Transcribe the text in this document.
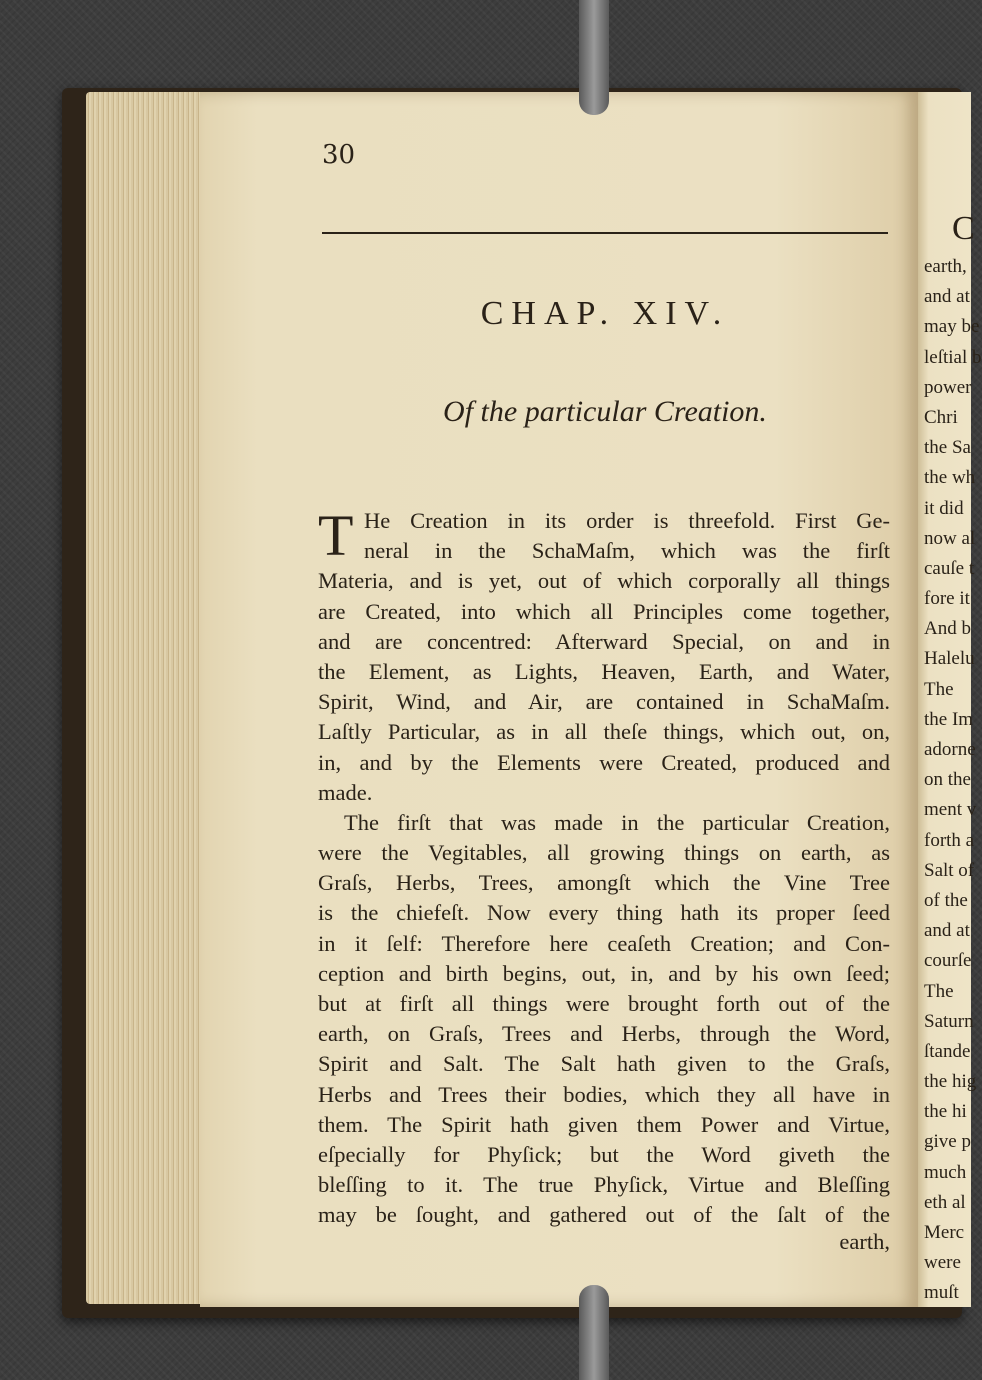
C
earth,
and at
may be
leſtial b
power
Chri
the Sa
the wh
it did
now al
cauſe t
fore it
And b
Halelu
The
the Im
adorne
on the
ment v
forth a
Salt of
of the
and at
courſe
The
Saturn
ſtande
the hig
the hi
give p
much
eth al
Merc
were
muſt
30
CHAP. XIV.
Of the particular Creation.
T He Creation in its order is threefold. First Ge-
neral in the SchaMaſm, which was the firſt
Materia, and is yet, out of which corporally all things
are Created, into which all Principles come together,
and are concentred: Afterward Special, on and in
the Element, as Lights, Heaven, Earth, and Water,
Spirit, Wind, and Air, are contained in SchaMaſm.
Laſtly Particular, as in all theſe things, which out, on,
in, and by the Elements were Created, produced and
made.
The firſt that was made in the particular Creation,
were the Vegitables, all growing things on earth, as
Graſs, Herbs, Trees, amongſt which the Vine Tree
is the chiefeſt. Now every thing hath its proper ſeed
in it ſelf: Therefore here ceaſeth Creation; and Con-
ception and birth begins, out, in, and by his own ſeed;
but at firſt all things were brought forth out of the
earth, on Graſs, Trees and Herbs, through the Word,
Spirit and Salt. The Salt hath given to the Graſs,
Herbs and Trees their bodies, which they all have in
them. The Spirit hath given them Power and Virtue,
eſpecially for Phyſick; but the Word giveth the
bleſſing to it. The true Phyſick, Virtue and Bleſſing
may be ſought, and gathered out of the ſalt of the
earth,
